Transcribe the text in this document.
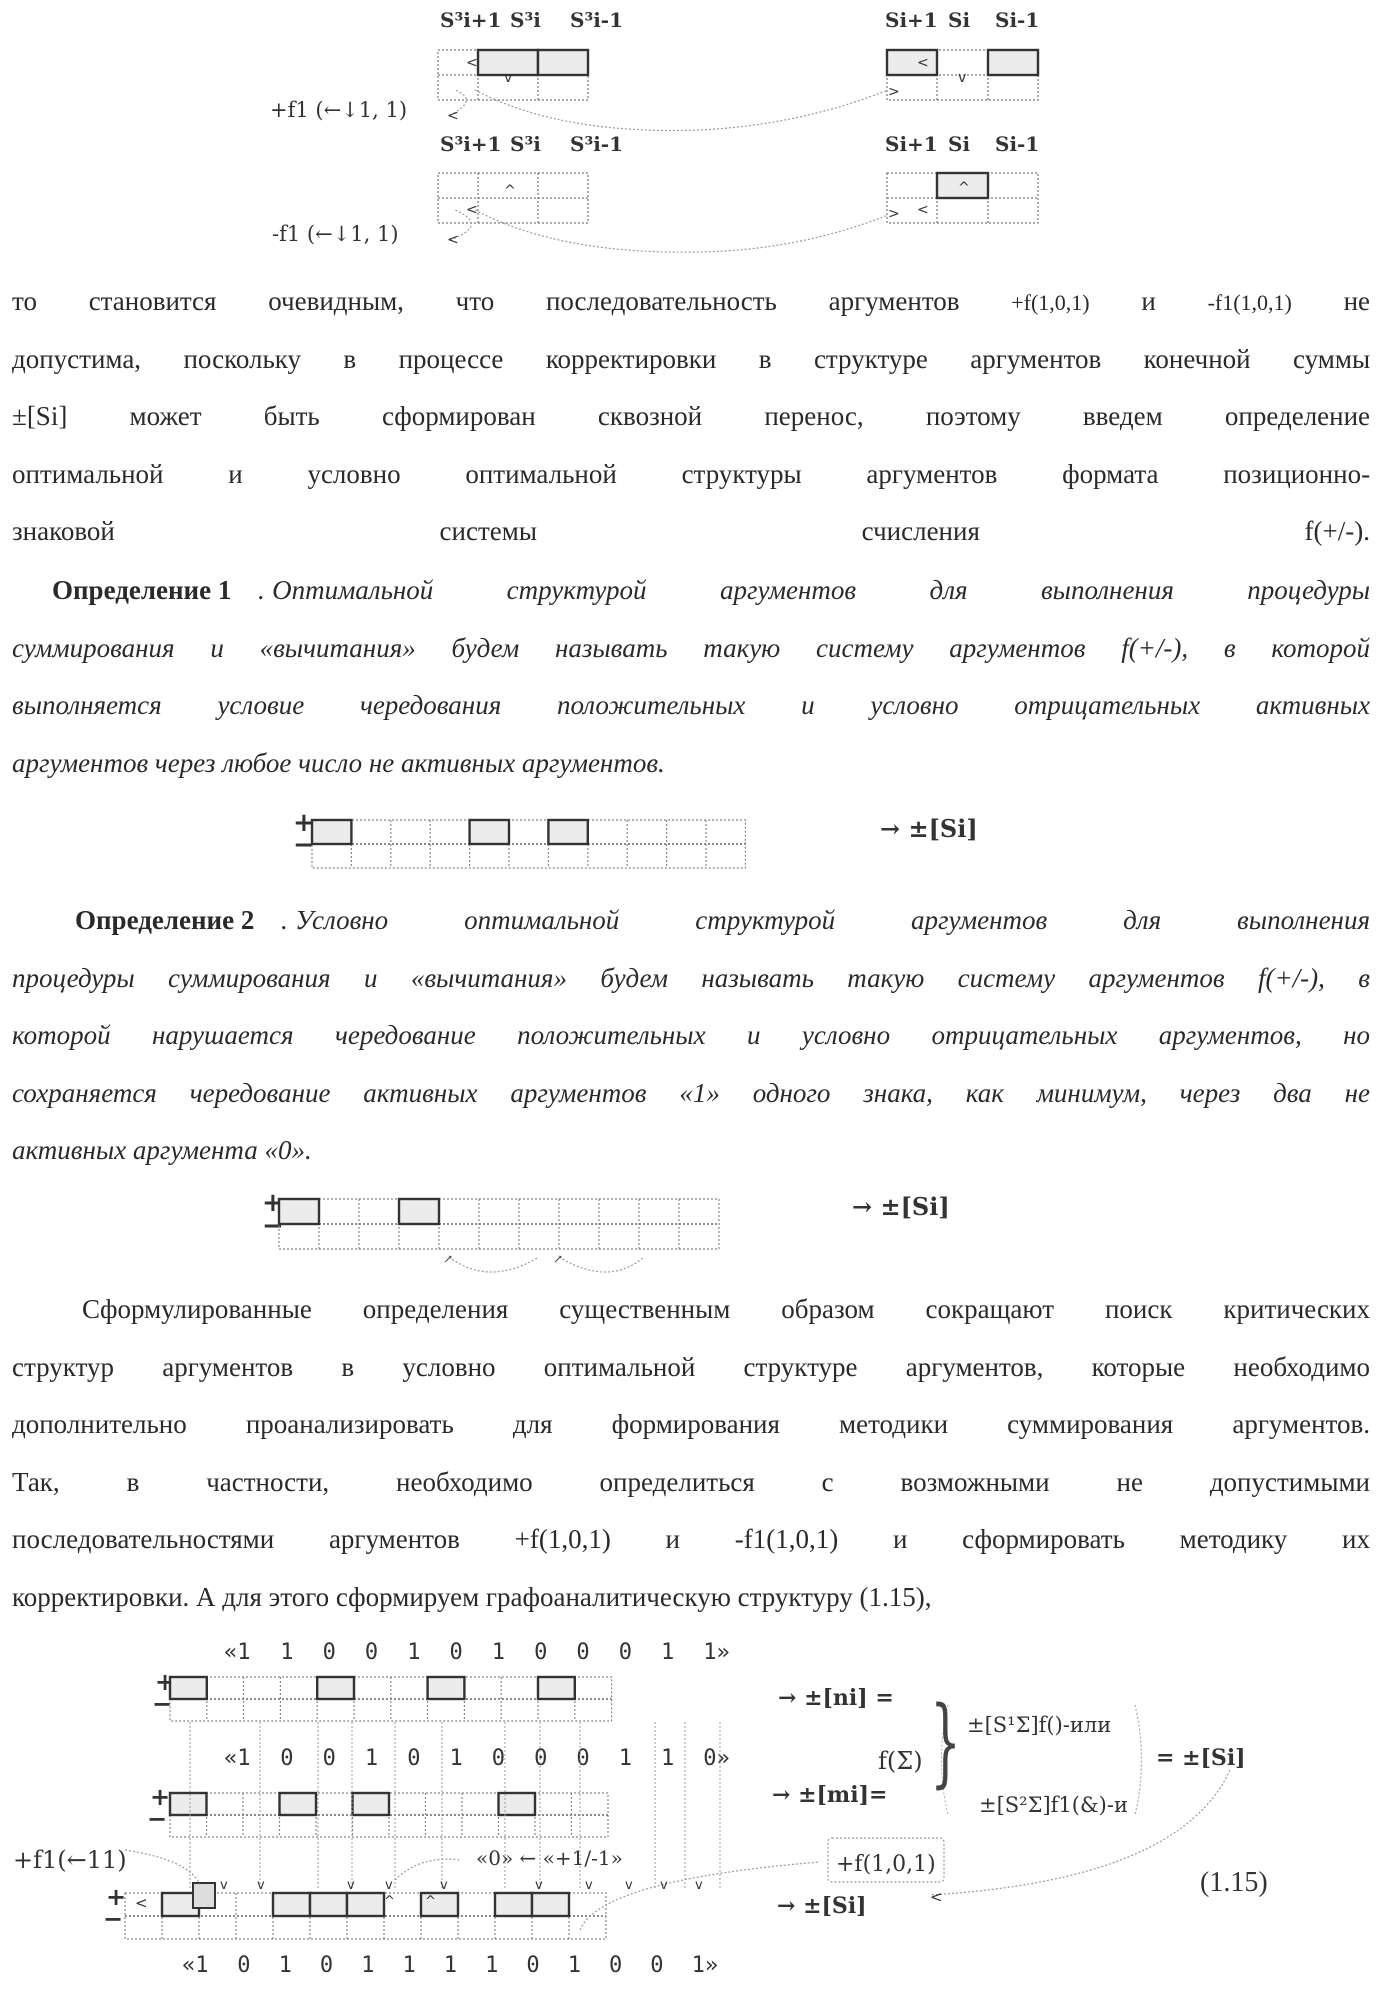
S³i+1 S³i S³i-1	Si+1 Si Si-1
+f1 (←↓1, 1)
S³i+1 S³i S³i-1	Si+1 Si Si-1
-f1 (←↓1, 1)
<
v
<
<
v
>
<
^
<
<
^
>
то становится очевидным, что последовательность аргументов +f(1,0,1) и -f1(1,0,1) не
допустима, поскольку в процессе корректировки в структуре аргументов конечной суммы
±[Si] может быть сформирован сквозной перенос, поэтому введем определение
оптимальной и условно оптимальной структуры аргументов формата позиционно-
знаковой системы счисления f(+/-).
Определение 1 . Оптимальной структурой аргументов для выполнения процедуры
суммирования и «вычитания» будем называть такую систему аргументов f(+/-), в которой
выполняется условие чередования положительных и условно отрицательных активных
аргументов через любое число не активных аргументов.
+
−
→ ±[Si]
Определение 2 . Условно оптимальной структурой аргументов для выполнения
процедуры суммирования и «вычитания» будем называть такую систему аргументов f(+/-), в
которой нарушается чередование положительных и условно отрицательных аргументов, но
сохраняется чередование активных аргументов «1» одного знака, как минимум, через два не
активных аргумента «0».
+
−
↗	↗
→ ±[Si]
Сформулированные определения существенным образом сокращают поиск критических
структур аргументов в условно оптимальной структуре аргументов, которые необходимо
дополнительно проанализировать для формирования методики суммирования аргументов.
Так, в частности, необходимо определиться с возможными не допустимыми
последовательностями аргументов +f(1,0,1) и -f1(1,0,1) и сформировать методику их
корректировки. А для этого сформируем графоаналитическую структуру (1.15),
«1 1 0 0 1 0 1 0 0 0 1 1»
«1 0 0 1 0 1 0 0 0 1 1 0»
«1 0 1 0 1 1 1 1 0 1 0 0 1»
+
−
+
−
+
−
v v	v v	v	v	v v v v
<	<
^ ^
→ ±[ni] =
→ ±[mi]=
→ ±[Si]
f(Σ) } ±[S¹Σ]f()-или
±[S²Σ]f1(&)-и
= ±[Si]
+f1(←11)	«0» ← «+1/-1»	+f(1,0,1)
(1.15)
